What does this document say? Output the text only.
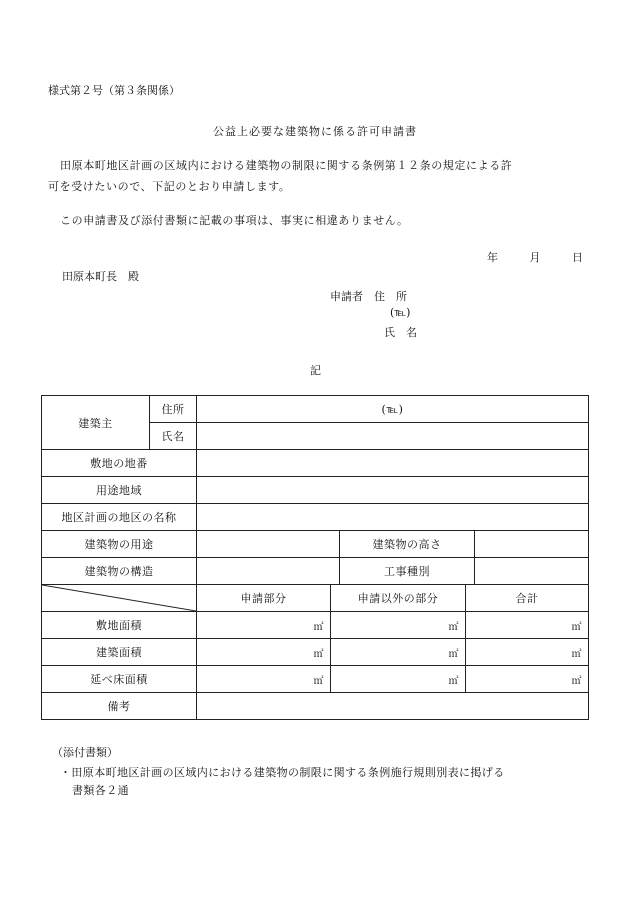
様式第２号（第３条関係）
公益上必要な建築物に係る許可申請書
田原本町地区計画の区域内における建築物の制限に関する条例第１２条の規定による許
可を受けたいので、下記のとおり申請します。
この申請書及び添付書類に記載の事項は、事実に相違ありません。
年	月	日
田原本町長　殿
申請者　住　所
(℡)
氏　名
記
建築主	住所	(℡)				
	氏名					
敷地の地番						
用途地域						
地区計画の地区の名称						
建築物の用途				建築物の高さ		
建築物の構造				工事種別		

	申請部分	申請以外の部分		合計	
敷地面積		㎡	㎡		㎡	
建築面積		㎡	㎡		㎡	
延べ床面積		㎡	㎡		㎡	
備考						
（添付書類）
・田原本町地区計画の区域内における建築物の制限に関する条例施行規則別表に掲げる
書類各２通
